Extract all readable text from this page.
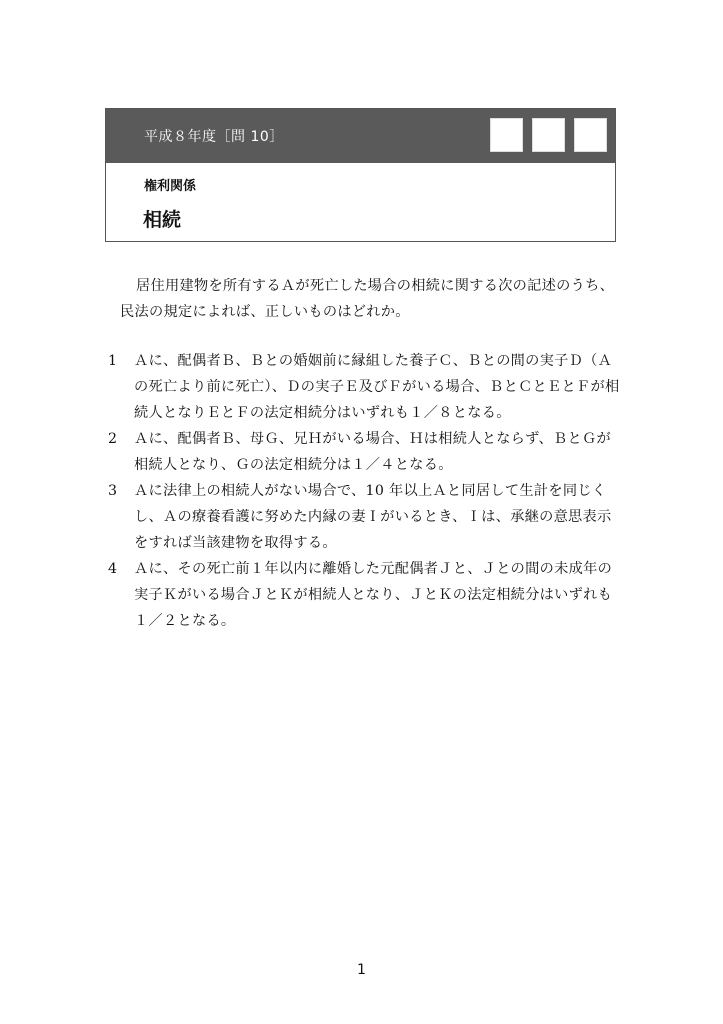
平成８年度［問 10］
権利関係
相続
居住用建物を所有するＡが死亡した場合の相続に関する次の記述のうち、民法の規定によれば、正しいものはどれか。
1	Ａに、配偶者Ｂ、Ｂとの婚姻前に縁組した養子Ｃ、Ｂとの間の実子Ｄ（Ａの死亡より前に死亡）、Ｄの実子Ｅ及びＦがいる場合、ＢとＣとＥとＦが相続人となりＥとＦの法定相続分はいずれも１／８となる。
2	Ａに、配偶者Ｂ、母Ｇ、兄Ｈがいる場合、Ｈは相続人とならず、ＢとＧが相続人となり、Ｇの法定相続分は１／４となる。
3	Ａに法律上の相続人がない場合で、10 年以上Ａと同居して生計を同じくし、Ａの療養看護に努めた内縁の妻Ｉがいるとき、Ｉは、承継の意思表示をすれば当該建物を取得する。
4	Ａに、その死亡前１年以内に離婚した元配偶者Ｊと、Ｊとの間の未成年の実子Ｋがいる場合ＪとＫが相続人となり、ＪとＫの法定相続分はいずれも１／２となる。
1
